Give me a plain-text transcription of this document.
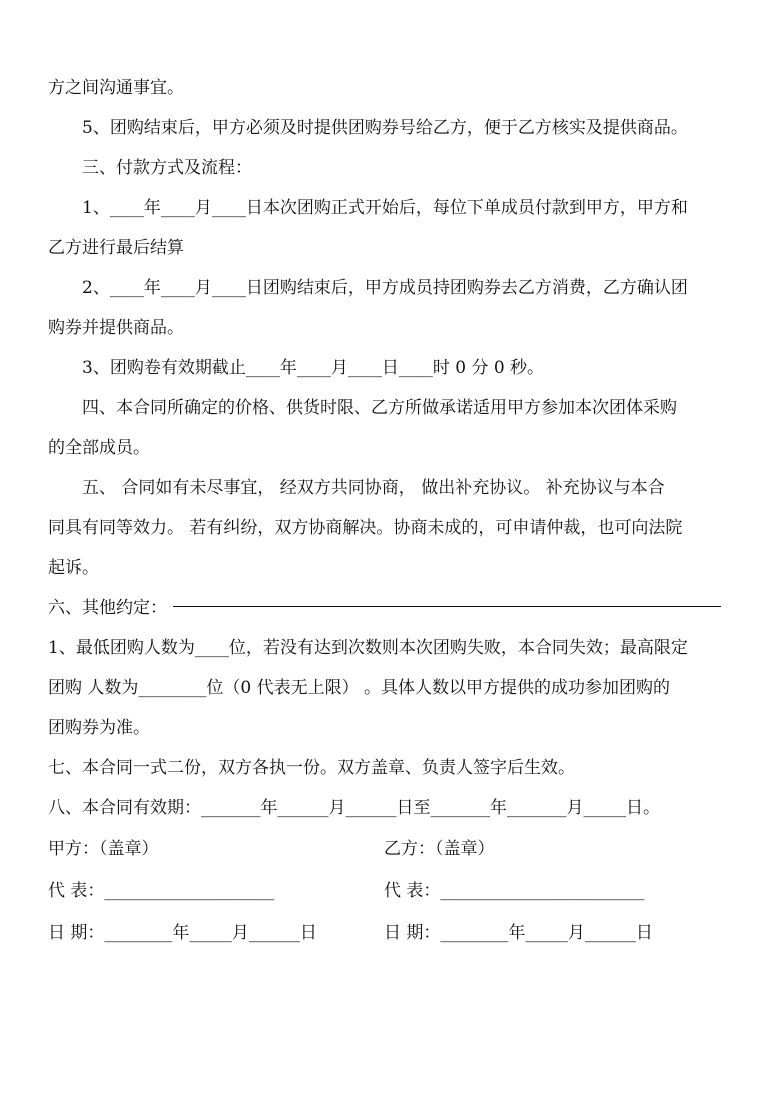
方之间沟通事宜。
5、团购结束后，甲方必须及时提供团购券号给乙方，便于乙方核实及提供商品。
三、付款方式及流程：
1、____年____月____日本次团购正式开始后，每位下单成员付款到甲方，甲方和
乙方进行最后结算
2、____年____月____日团购结束后，甲方成员持团购券去乙方消费，乙方确认团
购券并提供商品。
3、团购卷有效期截止____年____月____日____时 0 分 0 秒。
四、本合同所确定的价格、供货时限、乙方所做承诺适用甲方参加本次团体采购
的全部成员。
五、 合同如有未尽事宜， 经双方共同协商， 做出补充协议。 补充协议与本合
同具有同等效力。 若有纠纷，双方协商解决。协商未成的，可申请仲裁，也可向法院
起诉。
六、其他约定：
1、最低团购人数为____位，若没有达到次数则本次团购失败，本合同失效；最高限定
团购 人数为________位（0 代表无上限） 。具体人数以甲方提供的成功参加团购的
团购券为准。
七、本合同一式二份，双方各执一份。双方盖章、负责人签字后生效。
八、本合同有效期：_______年______月______日至_______年_______月_____日。
甲方：（盖章）	乙方：（盖章）
代 表：____________________	代 表：________________________
日 期：________年_____月______日	日 期：________年_____月______日
